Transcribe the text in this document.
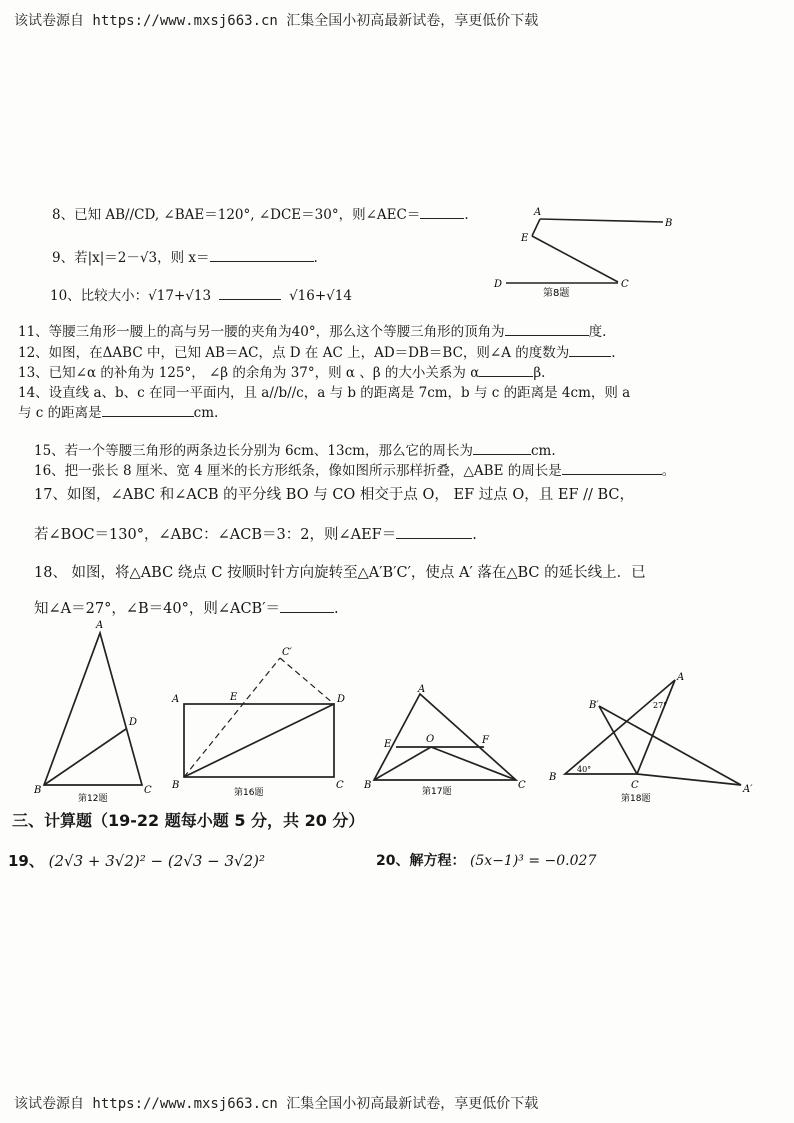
该试卷源自 https://www.mxsj663.cn 汇集全国小初高最新试卷，享更低价下载
8、已知 AB//CD, ∠BAE＝120°, ∠DCE＝30°，则∠AEC＝	.
9、若|x|＝2－√3，则 x＝	.
10、比较大小：√17+√13	√16+√14
A
B
E
D	C
第8题
11、等腰三角形一腰上的高与另一腰的夹角为40°，那么这个等腰三角形的顶角为	度.
12、如图，在ΔABC 中，已知 AB＝AC，点 D 在 AC 上，AD＝DB＝BC，则∠A 的度数为	.
13、已知∠α 的补角为 125°， ∠β 的余角为 37°，则 α 、β 的大小关系为 α	β.
14、设直线 a、b、c 在同一平面内，且 a//b//c，a 与 b 的距离是 7cm，b 与 c 的距离是 4cm，则 a
与 c 的距离是	cm.
15、若一个等腰三角形的两条边长分别为 6cm、13cm，那么它的周长为	cm.
16、把一张长 8 厘米、宽 4 厘米的长方形纸条，像如图所示那样折叠，△ABE 的周长是	。
17、如图，∠ABC 和∠ACB 的平分线 BO 与 CO 相交于点 O， EF 过点 O，且 EF // BC，
若∠BOC＝130°，∠ABC：∠ACB＝3：2，则∠AEF＝	.
18、 如图，将△ABC 绕点 C 按顺时针方向旋转至△A′B′C′，使点 A′ 落在△BC 的延长线上．已
知∠A＝27°，∠B＝40°，则∠ACB′＝	.
A
D
B	C
第12题
C′
A	E	D
B	C
第16题
A
E	O	F
B	C
第17题
A
B′	27°
40°
B
C	A′
第18题
三、计算题（19-22 题每小题 5 分，共 20 分）
19、 (2√3 + 3√2)² − (2√3 − 3√2)²	20、解方程： (5x−1)³ = −0.027
该试卷源自 https://www.mxsj663.cn 汇集全国小初高最新试卷，享更低价下载
